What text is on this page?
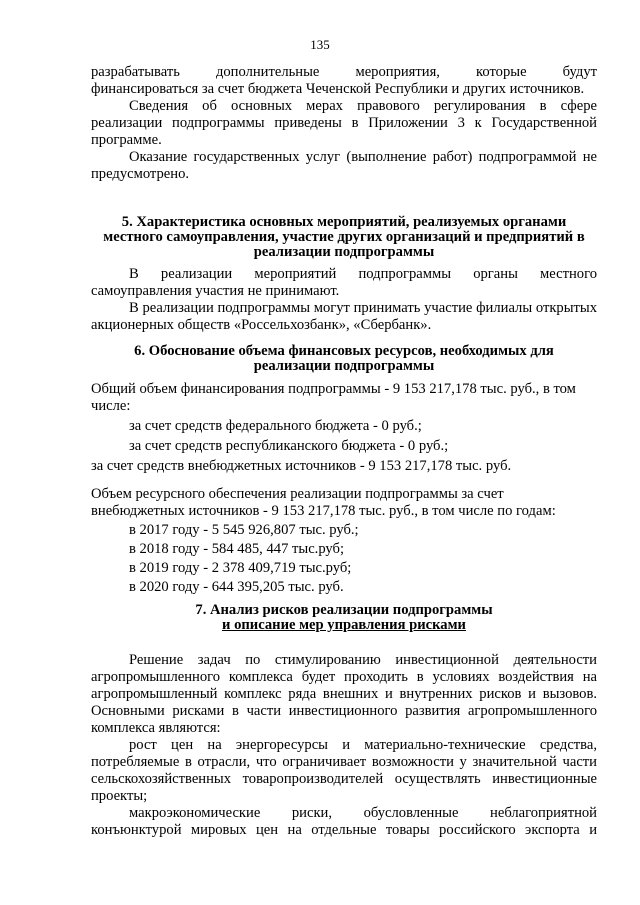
135

разрабатывать дополнительные мероприятия, которые будут

финансироваться за счет бюджета Чеченской Республики и других источников.

Сведения об основных мерах правового регулирования в сфере реализации подпрограммы приведены в Приложении 3 к Государственной программе.

Оказание государственных услуг (выполнение работ) подпрограммой не предусмотрено.

5. Характеристика основных мероприятий, реализуемых органами
местного самоуправления, участие других организаций и предприятий в
реализации подпрограммы

В реализации мероприятий подпрограммы органы местного самоуправления участия не принимают.

В реализации подпрограммы могут принимать участие филиалы открытых акционерных обществ «Россельхозбанк», «Сбербанк».

6. Обоснование объема финансовых ресурсов, необходимых для
реализации подпрограммы

Общий объем финансирования подпрограммы - 9 153 217,178 тыс. руб., в том

числе:

за счет средств федерального бюджета - 0 руб.;

за счет средств республиканского бюджета - 0 руб.;

за счет средств внебюджетных источников - 9 153 217,178 тыс. руб.

Объем ресурсного обеспечения реализации подпрограммы за счет

внебюджетных источников - 9 153 217,178 тыс. руб., в том числе по годам:

в 2017 году - 5 545 926,807 тыс. руб.;

в 2018 году - 584 485, 447 тыс.руб;

в 2019 году - 2 378 409,719 тыс.руб;

в 2020 году - 644 395,205 тыс. руб.

7. Анализ рисков реализации подпрограммы
и описание мер управления рисками

Решение задач по стимулированию инвестиционной деятельности агропромышленного комплекса будет проходить в условиях воздействия на агропромышленный комплекс ряда внешних и внутренних рисков и вызовов. Основными рисками в части инвестиционного развития агропромышленного комплекса являются:

рост цен на энергоресурсы и материально-технические средства, потребляемые в отрасли, что ограничивает возможности у значительной части сельскохозяйственных товаропроизводителей осуществлять инвестиционные проекты;

макроэкономические риски, обусловленные неблагоприятной конъюнктурой мировых цен на отдельные товары российского экспорта и
